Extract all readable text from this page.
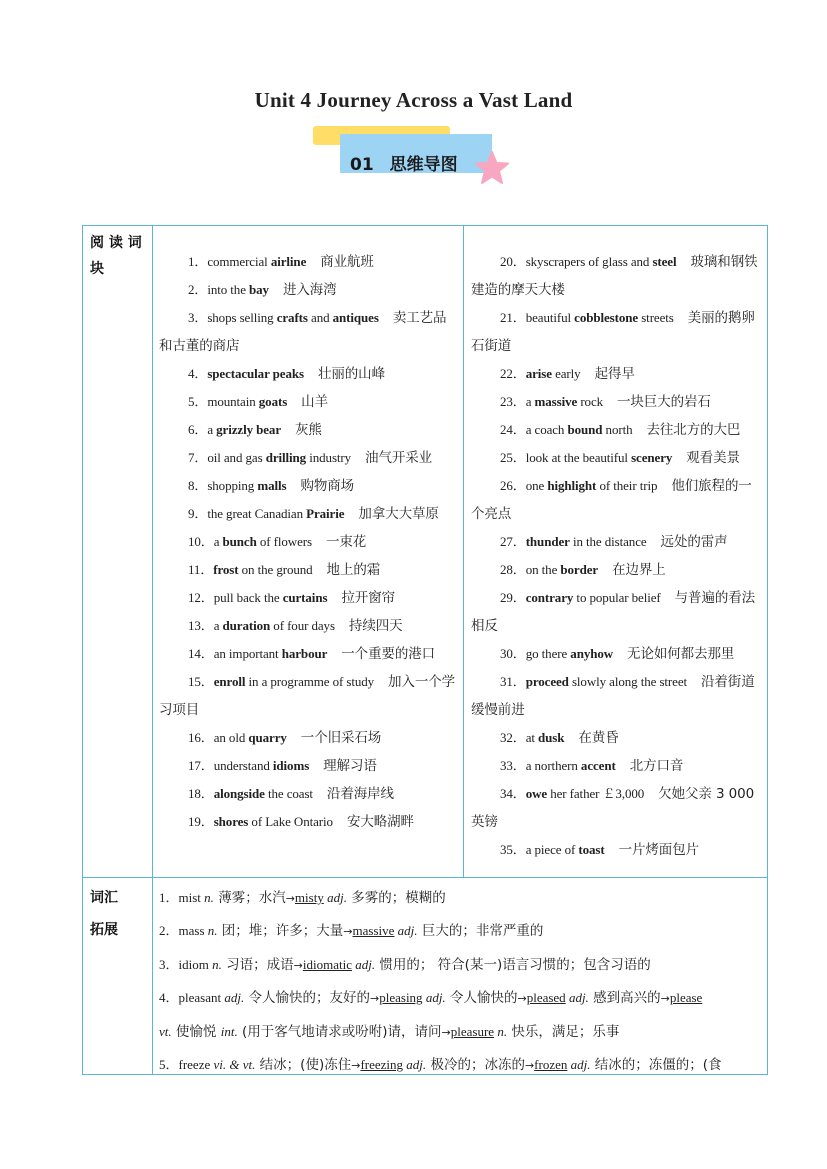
Unit 4 Journey Across a Vast Land
01 思维导图
阅 读 词 块
词汇 拓展
1．commercial airline 商业航班
2．into the bay 进入海湾
3．shops selling crafts and antiques 卖工艺品和古董的商店
4．spectacular peaks 壮丽的山峰
5．mountain goats 山羊
6．a grizzly bear 灰熊
7．oil and gas drilling industry 油气开采业
8．shopping malls 购物商场
9．the great Canadian Prairie 加拿大大草原
10．a bunch of flowers 一束花
11．frost on the ground 地上的霜
12．pull back the curtains 拉开窗帘
13．a duration of four days 持续四天
14．an important harbour 一个重要的港口
15．enroll in a programme of study 加入一个学习项目
16．an old quarry 一个旧采石场
17．understand idioms 理解习语
18．alongside the coast 沿着海岸线
19．shores of Lake Ontario 安大略湖畔
20．skyscrapers of glass and steel 玻璃和钢铁建造的摩天大楼
21．beautiful cobblestone streets 美丽的鹅卵石街道
22．arise early 起得早
23．a massive rock 一块巨大的岩石
24．a coach bound north 去往北方的大巴
25．look at the beautiful scenery 观看美景
26．one highlight of their trip 他们旅程的一个亮点
27．thunder in the distance 远处的雷声
28．on the border 在边界上
29．contrary to popular belief 与普遍的看法相反
30．go there anyhow 无论如何都去那里
31．proceed slowly along the street 沿着街道缓慢前进
32．at dusk 在黄昏
33．a northern accent 北方口音
34．owe her father ￡3,000 欠她父亲 3 000英镑
35．a piece of toast 一片烤面包片
1．mist n. 薄雾；水汽→misty adj. 多雾的；模糊的
2．mass n. 团；堆；许多；大量→massive adj. 巨大的；非常严重的
3．idiom n. 习语；成语→idiomatic adj. 惯用的； 符合(某一)语言习惯的；包含习语的
4．pleasant adj. 令人愉快的；友好的→pleasing adj. 令人愉快的→pleased adj. 感到高兴的→please
vt. 使愉悦 int. (用于客气地请求或吩咐)请，请问→pleasure n. 快乐，满足；乐事
5．freeze vi. & vt. 结冰；(使)冻住→freezing adj. 极冷的；冰冻的→frozen adj. 结冰的；冻僵的；(食
